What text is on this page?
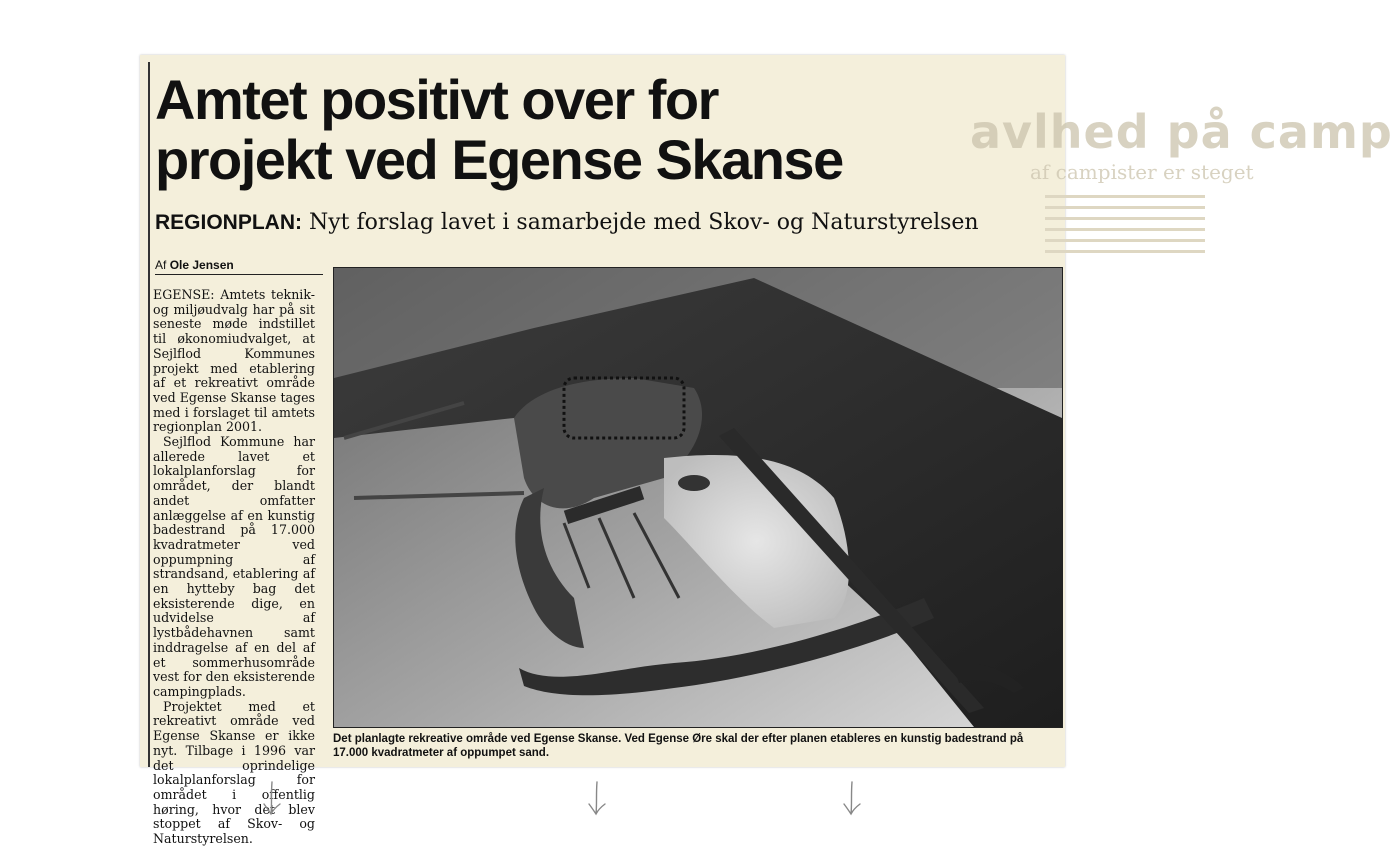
avlhed på camp
af campister er steget
Amtet positivt over for projekt ved Egense Skanse
REGIONPLAN: Nyt forslag lavet i samarbejde med Skov- og Naturstyrelsen
Af Ole Jensen

EGENSE: Amtets teknik- og miljøudvalg har på sit seneste møde indstillet til økonomiudvalget, at Sejlflod Kommunes projekt med etablering af et rekreativt område ved Egense Skanse tages med i forslaget til amtets regionplan 2001.

Sejlflod Kommune har allerede lavet et lokalplanforslag for området, der blandt andet omfatter anlæggelse af en kunstig badestrand på 17.000 kvadratmeter ved oppumpning af strandsand, etablering af en hytteby bag det eksisterende dige, en udvidelse af lystbådehavnen samt inddragelse af en del af et sommerhusområde vest for den eksisterende campingplads.

Projektet med et rekreativt område ved Egense Skanse er ikke nyt. Tilbage i 1996 var det oprindelige lokalplanforslag for området i offentlig høring, hvor det blev stoppet af Skov- og Naturstyrelsen.

Det planlagte rekreative område ved Egense Skanse. Ved Egense Øre skal der efter planen etableres en kunstig badestrand på 17.000 kvadratmeter af oppumpet sand.
